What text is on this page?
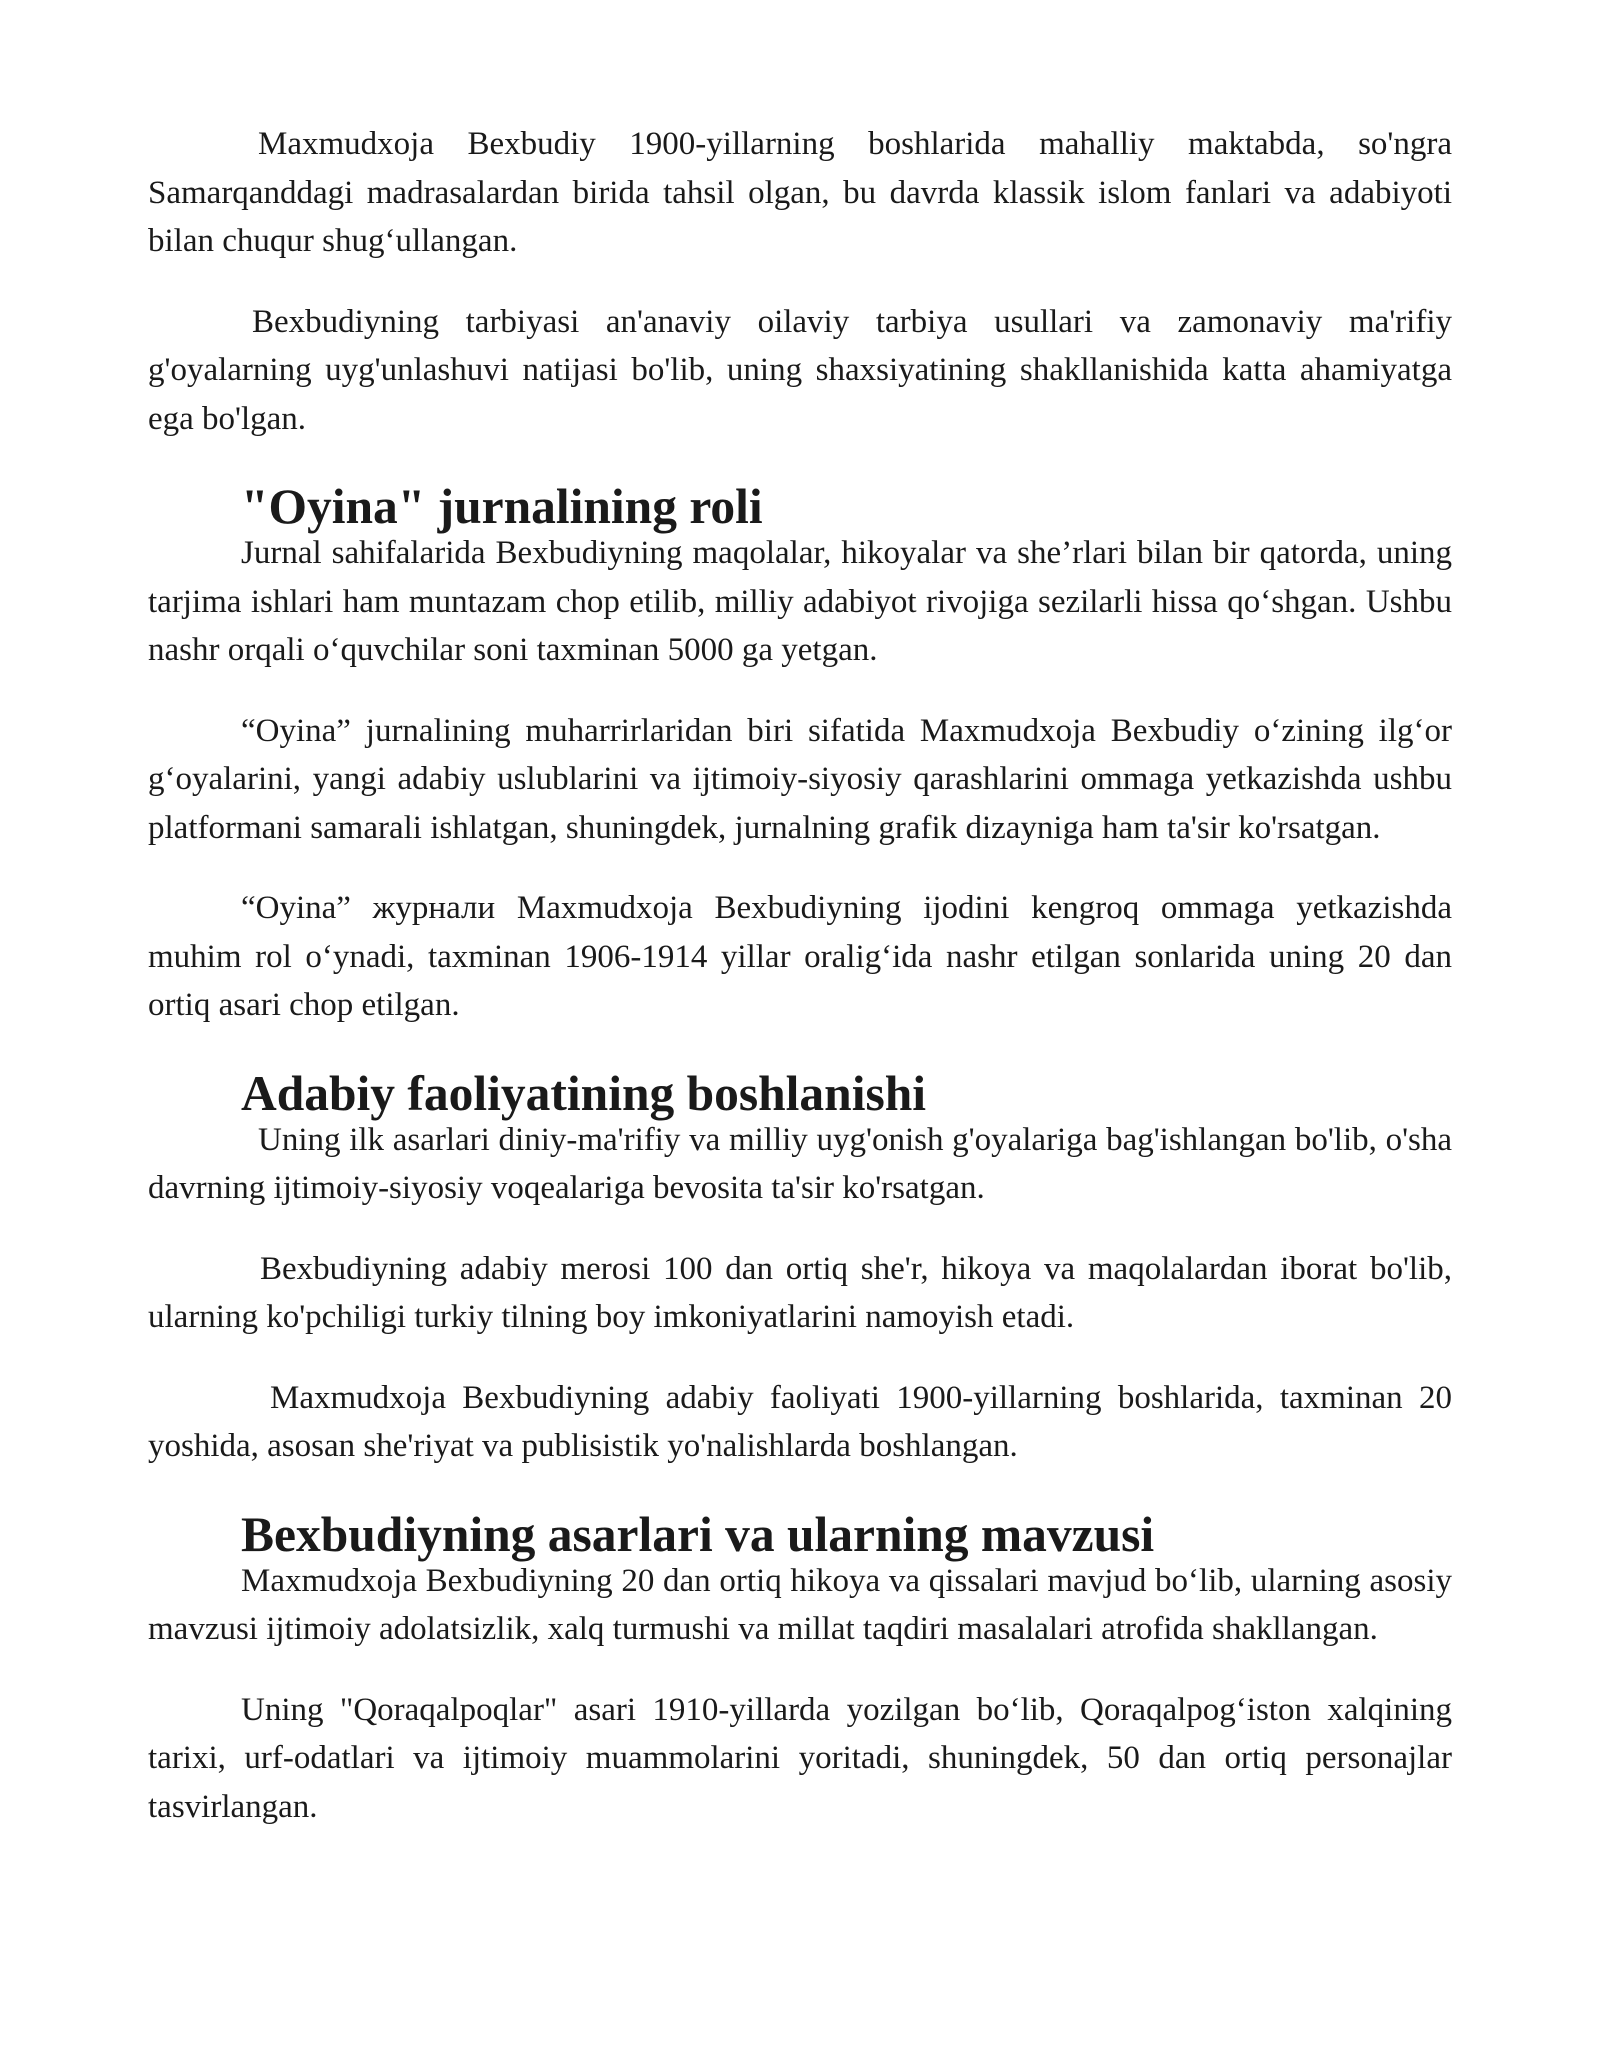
Maxmudxoja Bexbudiy 1900-yillarning boshlarida mahalliy maktabda, so'ngra Samarqanddagi madrasalardan birida tahsil olgan, bu davrda klassik islom fanlari va adabiyoti bilan chuqur shug‘ullangan.

Bexbudiyning tarbiyasi an'anaviy oilaviy tarbiya usullari va zamonaviy ma'rifiy g'oyalarning uyg'unlashuvi natijasi bo'lib, uning shaxsiyatining shakllanishida katta ahamiyatga ega bo'lgan.

"Oyina" jurnalining roli

Jurnal sahifalarida Bexbudiyning maqolalar, hikoyalar va she’rlari bilan bir qatorda, uning tarjima ishlari ham muntazam chop etilib, milliy adabiyot rivojiga sezilarli hissa qo‘shgan. Ushbu nashr orqali o‘quvchilar soni taxminan 5000 ga yetgan.

“Oyina” jurnalining muharrirlaridan biri sifatida Maxmudxoja Bexbudiy o‘zining ilg‘or g‘oyalarini, yangi adabiy uslublarini va ijtimoiy-siyosiy qarashlarini ommaga yetkazishda ushbu platformani samarali ishlatgan, shuningdek, jurnalning grafik dizayniga ham ta'sir ko'rsatgan.

“Oyina” журнали Maxmudxoja Bexbudiyning ijodini kengroq ommaga yetkazishda muhim rol o‘ynadi, taxminan 1906-1914 yillar oralig‘ida nashr etilgan sonlarida uning 20 dan ortiq asari chop etilgan.

Adabiy faoliyatining boshlanishi

Uning ilk asarlari diniy-ma'rifiy va milliy uyg'onish g'oyalariga bag'ishlangan bo'lib, o'sha davrning ijtimoiy-siyosiy voqealariga bevosita ta'sir ko'rsatgan.

Bexbudiyning adabiy merosi 100 dan ortiq she'r, hikoya va maqolalardan iborat bo'lib, ularning ko'pchiligi turkiy tilning boy imkoniyatlarini namoyish etadi.

Maxmudxoja Bexbudiyning adabiy faoliyati 1900-yillarning boshlarida, taxminan 20 yoshida, asosan she'riyat va publisistik yo'nalishlarda boshlangan.

Bexbudiyning asarlari va ularning mavzusi

Maxmudxoja Bexbudiyning 20 dan ortiq hikoya va qissalari mavjud bo‘lib, ularning asosiy mavzusi ijtimoiy adolatsizlik, xalq turmushi va millat taqdiri masalalari atrofida shakllangan.

Uning "Qoraqalpoqlar" asari 1910-yillarda yozilgan bo‘lib, Qoraqalpog‘iston xalqining tarixi, urf-odatlari va ijtimoiy muammolarini yoritadi, shuningdek, 50 dan ortiq personajlar tasvirlangan.
